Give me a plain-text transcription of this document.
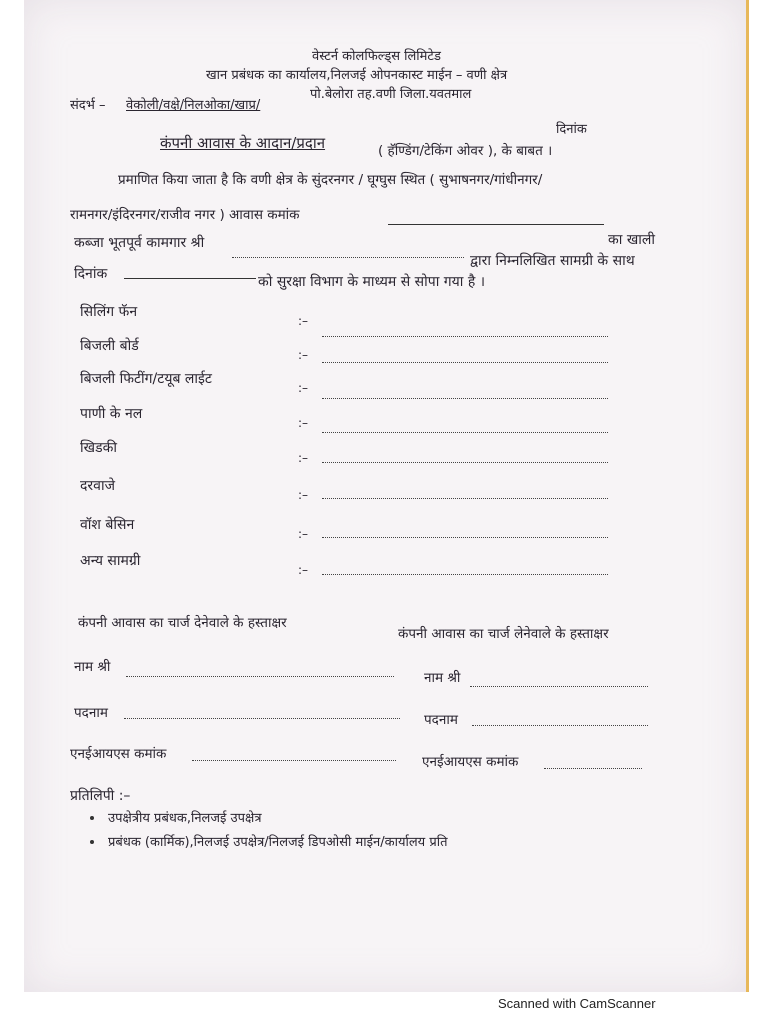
वेस्टर्न कोलफिल्ड्स लिमिटेड
खान प्रबंधक का कार्यालय,निलजई ओपनकास्ट माईन – वणी क्षेत्र
पो.बेलोरा तह.वणी जिला.यवतमाल
संदर्भ – वेकोली/वक्षे/निलओका/खाप्र/
दिनांक
कंपनी आवास के आदान/प्रदान	( हॅण्डिंग/टेकिंग ओवर ), के बाबत ।
प्रमाणित किया जाता है कि वणी क्षेत्र के सुंदरनगर / घूग्घुस स्थित ( सुभाषनगर/गांधीनगर/
रामनगर/इंदिरनगर/राजीव नगर ) आवास कमांक
का खाली
कब्जा भूतपूर्व कामगार श्री
द्वारा निम्नलिखित सामग्री के साथ
दिनांक	को सुरक्षा विभाग के माध्यम से सोपा गया है ।
सिलिंग फॅन
:–
बिजली बोर्ड
:–
बिजली फिटींग/टयूब लाईट
:–
पाणी के नल
:–
खिडकी
:–
दरवाजे
:–
वॉश बेसिन
:–
अन्य सामग्री
:–
कंपनी आवास का चार्ज देनेवाले के हस्ताक्षर
कंपनी आवास का चार्ज लेनेवाले के हस्ताक्षर
नाम श्री
नाम श्री
पदनाम	पदनाम
एनईआयएस कमांक	एनईआयएस कमांक
प्रतिलिपी :–
उपक्षेत्रीय प्रबंधक,निलजई उपक्षेत्र
प्रबंधक (कार्मिक),निलजई उपक्षेत्र/निलजई डिपओसी माईन/कार्यालय प्रति
Scanned with CamScanner
